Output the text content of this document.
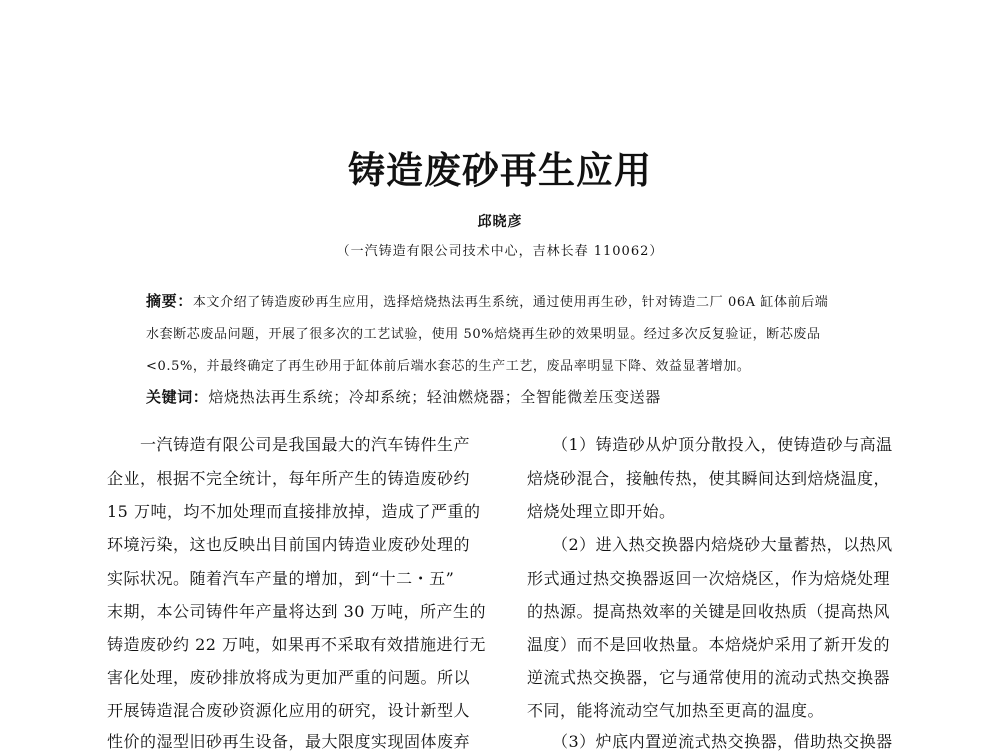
铸造废砂再生应用
邱晓彦
（一汽铸造有限公司技术中心，吉林长春 110062）
摘要：本文介绍了铸造废砂再生应用，选择焙烧热法再生系统，通过使用再生砂，针对铸造二厂 06A 缸体前后端
水套断芯废品问题，开展了很多次的工艺试验，使用 50%焙烧再生砂的效果明显。经过多次反复验证，断芯废品
<0.5%，并最终确定了再生砂用于缸体前后端水套芯的生产工艺，废品率明显下降、效益显著增加。
关键词：焙烧热法再生系统；冷却系统；轻油燃烧器；全智能微差压变送器
　　一汽铸造有限公司是我国最大的汽车铸件生产
企业，根据不完全统计，每年所产生的铸造废砂约
15 万吨，均不加处理而直接排放掉，造成了严重的
环境污染，这也反映出目前国内铸造业废砂处理的
实际状况。随着汽车产量的增加，到“十二・五”
末期，本公司铸件年产量将达到 30 万吨，所产生的
铸造废砂约 22 万吨，如果再不采取有效措施进行无
害化处理，废砂排放将成为更加严重的问题。所以
开展铸造混合废砂资源化应用的研究，设计新型人
性价的湿型旧砂再生设备，最大限度实现固体废弃
　　（1）铸造砂从炉顶分散投入，使铸造砂与高温
焙烧砂混合，接触传热，使其瞬间达到焙烧温度，
焙烧处理立即开始。
　　（2）进入热交换器内焙烧砂大量蓄热，以热风
形式通过热交换器返回一次焙烧区，作为焙烧处理
的热源。提高热效率的关键是回收热质（提高热风
温度）而不是回收热量。本焙烧炉采用了新开发的
逆流式热交换器，它与通常使用的流动式热交换器
不同，能将流动空气加热至更高的温度。
　　（3）炉底内置逆流式热交换器，借助热交换器
